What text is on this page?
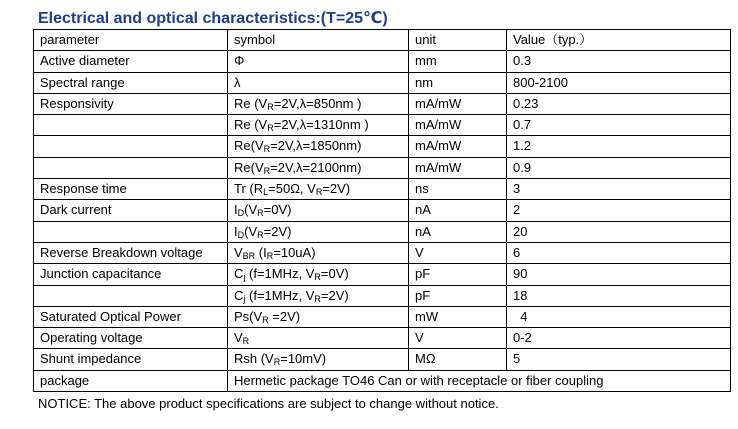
Electrical and optical characteristics:(T=25℃)
parameter	symbol	unit	Value（typ.）
Active diameter	Φ	mm	0.3
Spectral range	λ	nm	800-2100
Responsivity	Re ($V_R=2V,\lambda=850nm$ )	mA/mW	0.23
	Re ($V_R=2V,\lambda=1310nm$ )	mA/mW	0.7
	$Re(V_R=2V,\lambda=1850nm)$	mA/mW	1.2
	$Re(V_R=2V,\lambda=2100nm)$	mA/mW	0.9
Response time	Tr ($R_L=50\Omega$, $V_R=2V$)	ns	3
Dark current	$I_D(V_R=0V)$	nA	2
	$I_D(V_R=2V)$	nA	20
Reverse Breakdown voltage	$V_{BR}$ $(I_R=10uA)$	V	6
Junction capacitance	$C_j$ (f=1MHz, $V_R=0V$)	pF	90
	$C_j$ (f=1MHz, $V_R=2V$)	pF	18
Saturated Optical Power	$Ps(V_R =2V)$	mW	4
Operating voltage	$V_R$	V	0-2
Shunt impedance	Rsh $(V_R=10mV)$	MΩ	5
package	Hermetic package TO46 Can or with receptacle or fiber coupling		
NOTICE: The above product specifications are subject to change without notice.
